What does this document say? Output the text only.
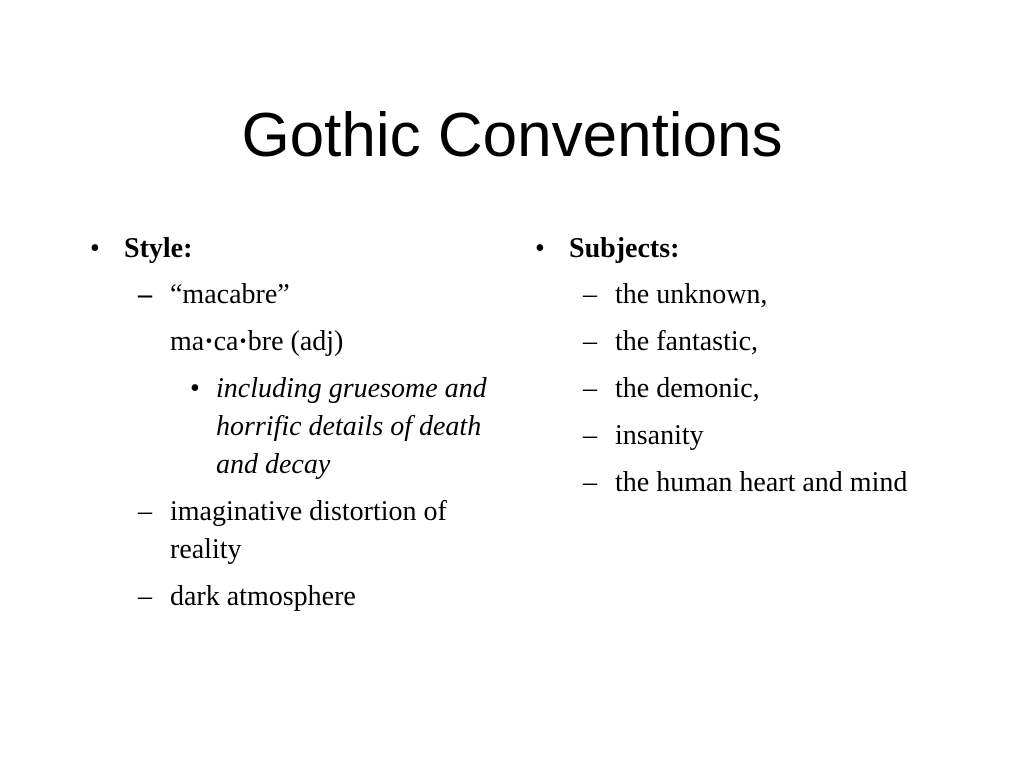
Gothic Conventions
• Style:
– “macabre”
ma·ca·bre (adj)
• including gruesome and horrific details of death and decay
– imaginative distortion of reality
– dark atmosphere
• Subjects:
– the unknown,
– the fantastic,
– the demonic,
– insanity
– the human heart and mind
